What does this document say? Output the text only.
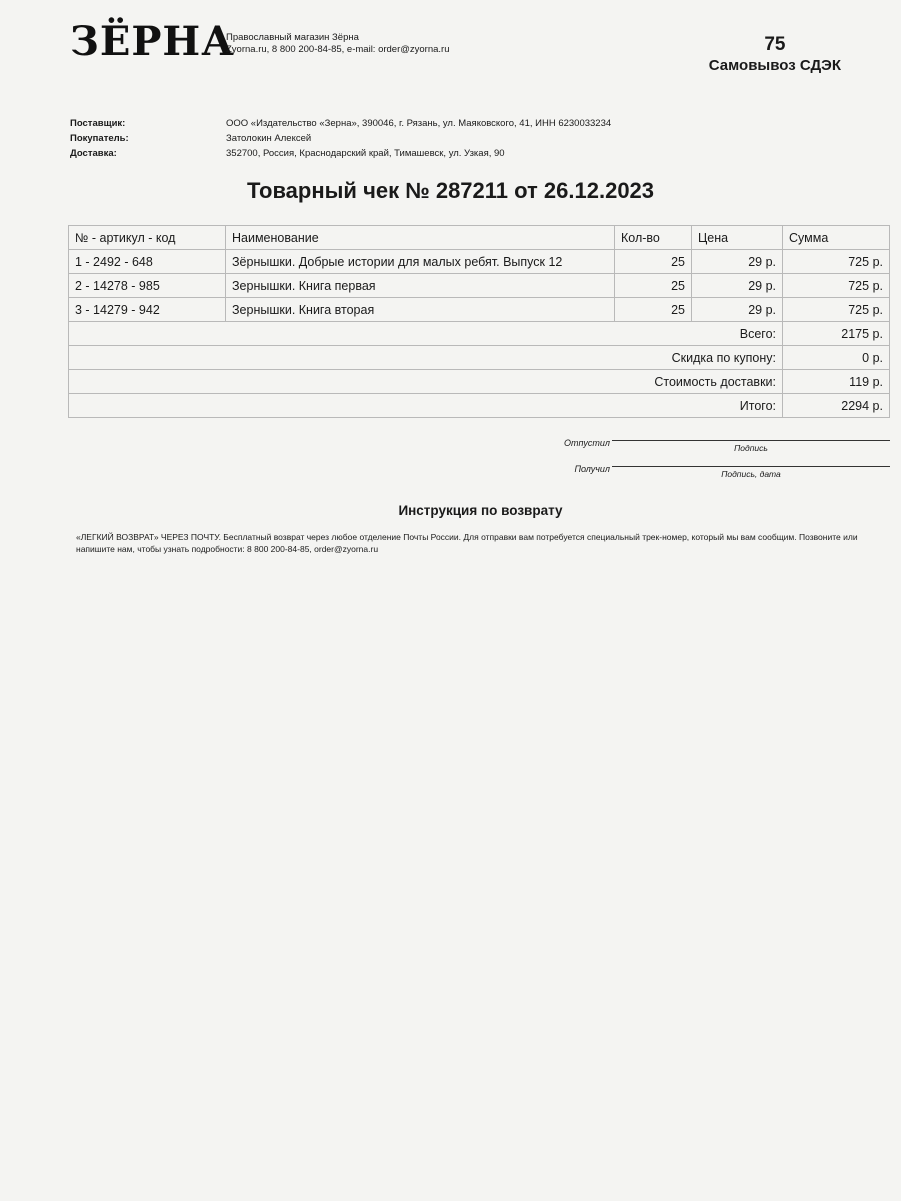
ЗЁРНА
Православный магазин Зёрна
Zyorna.ru, 8 800 200-84-85, e-mail: order@zyorna.ru	75
Самовывоз СДЭК
Поставщик:	ООО «Издательство «Зерна», 390046, г. Рязань, ул. Маяковского, 41, ИНН 6230033234
Покупатель:	Затолокин Алексей
Доставка:	352700, Россия, Краснодарский край, Тимашевск, ул. Узкая, 90
Товарный чек № 287211 от 26.12.2023
№ - артикул - код	Наименование	Кол-во	Цена	Сумма
1 - 2492 - 648	Зёрнышки. Добрые истории для малых ребят. Выпуск 12	25	29 р.	725 р.
2 - 14278 - 985	Зернышки. Книга первая	25	29 р.	725 р.
3 - 14279 - 942	Зернышки. Книга вторая	25	29 р.	725 р.
Всего:				2175 р.
Скидка по купону:				0 р.
Стоимость доставки:				119 р.
Итого:				2294 р.
Отпустил	Подпись
Получил	Подпись, дата
Инструкция по возврату
«ЛЕГКИЙ ВОЗВРАТ» ЧЕРЕЗ ПОЧТУ. Бесплатный возврат через любое отделение Почты России. Для отправки вам потребуется специальный трек-номер, который мы вам сообщим. Позвоните или напишите нам, чтобы узнать подробности: 8 800 200-84-85, order@zyorna.ru
